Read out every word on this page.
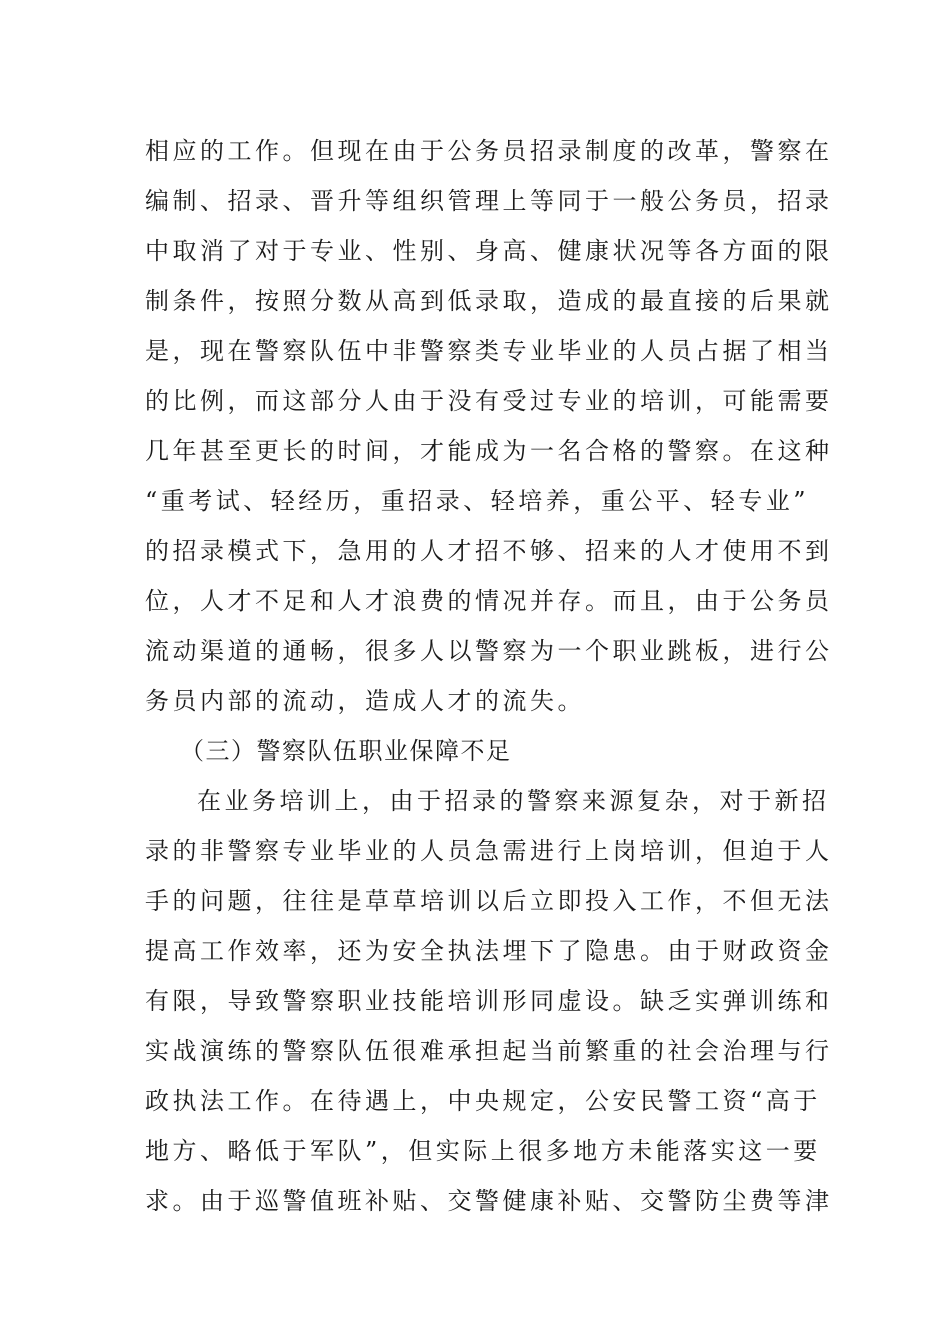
相应的工作。但现在由于公务员招录制度的改革，警察在
编制、招录、晋升等组织管理上等同于一般公务员，招录
中取消了对于专业、性别、身高、健康状况等各方面的限
制条件，按照分数从高到低录取，造成的最直接的后果就
是，现在警察队伍中非警察类专业毕业的人员占据了相当
的比例，而这部分人由于没有受过专业的培训，可能需要
几年甚至更长的时间，才能成为一名合格的警察。在这种
“重考试、轻经历，重招录、轻培养，重公平、轻专业”
的招录模式下，急用的人才招不够、招来的人才使用不到
位，人才不足和人才浪费的情况并存。而且，由于公务员
流动渠道的通畅，很多人以警察为一个职业跳板，进行公
务员内部的流动，造成人才的流失。
（三）警察队伍职业保障不足
在业务培训上，由于招录的警察来源复杂，对于新招
录的非警察专业毕业的人员急需进行上岗培训，但迫于人
手的问题，往往是草草培训以后立即投入工作，不但无法
提高工作效率，还为安全执法埋下了隐患。由于财政资金
有限，导致警察职业技能培训形同虚设。缺乏实弹训练和
实战演练的警察队伍很难承担起当前繁重的社会治理与行
政执法工作。在待遇上，中央规定，公安民警工资“高于
地方、略低于军队”，但实际上很多地方未能落实这一要
求。由于巡警值班补贴、交警健康补贴、交警防尘费等津
